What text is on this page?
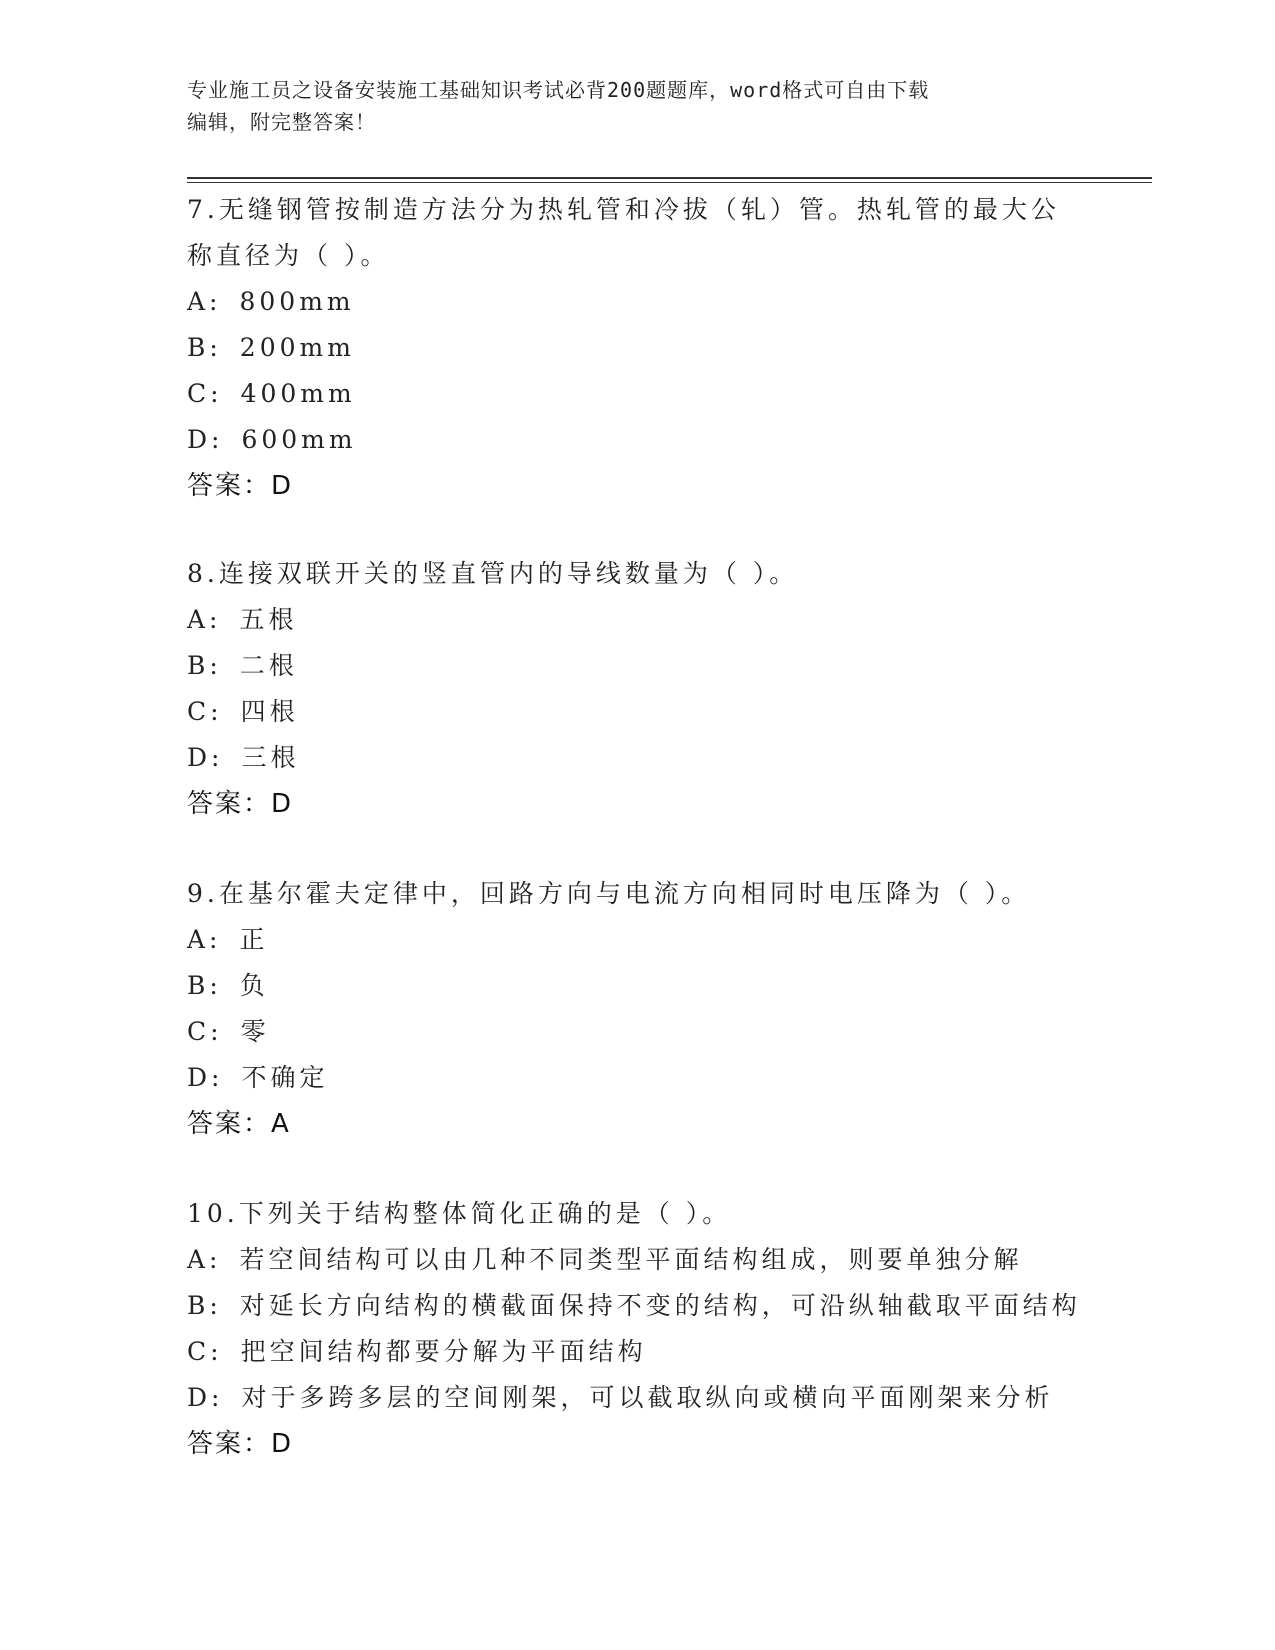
专业施工员之设备安装施工基础知识考试必背200题题库，word格式可自由下载
编辑，附完整答案！
7.无缝钢管按制造方法分为热轧管和冷拔（轧）管。热轧管的最大公
称直径为（ ）。
A: 800mm
B: 200mm
C: 400mm
D: 600mm
答案：D
8.连接双联开关的竖直管内的导线数量为（ ）。
A: 五根
B: 二根
C: 四根
D: 三根
答案：D
9.在基尔霍夫定律中，回路方向与电流方向相同时电压降为（ ）。
A: 正
B: 负
C: 零
D: 不确定
答案：A
10.下列关于结构整体简化正确的是（ ）。
A: 若空间结构可以由几种不同类型平面结构组成，则要单独分解
B: 对延长方向结构的横截面保持不变的结构，可沿纵轴截取平面结构
C: 把空间结构都要分解为平面结构
D: 对于多跨多层的空间刚架，可以截取纵向或横向平面刚架来分析
答案：D
